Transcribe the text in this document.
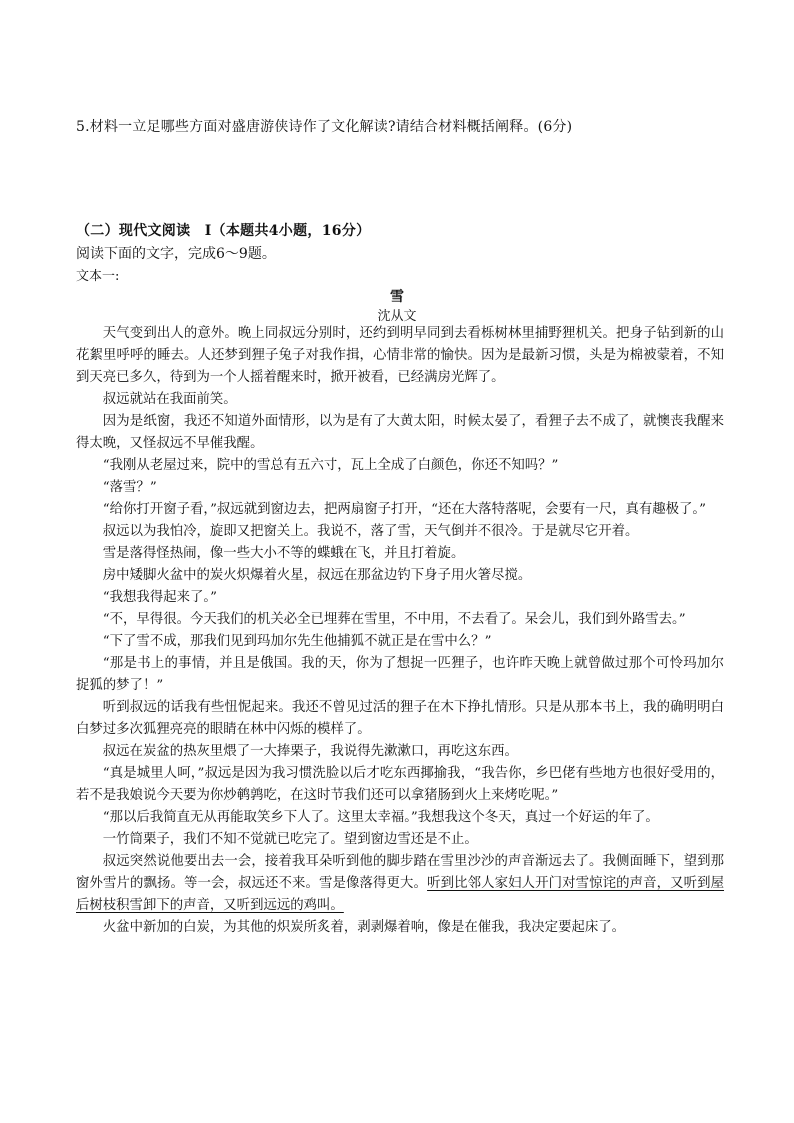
5.材料一立足哪些方面对盛唐游侠诗作了文化解读?请结合材料概括阐释。(6分)
（二）现代文阅读　Ⅰ（本题共4小题，16分）
阅读下面的文字，完成6～9题。
文本一:
雪
沈从文

天气变到出人的意外。晚上同叔远分别时，还约到明早同到去看栎树林里捕野狸机关。把身子钻到新的山花絮里呼呼的睡去。人还梦到狸子兔子对我作揖，心情非常的愉快。因为是最新习惯，头是为棉被蒙着，不知到天亮已多久，待到为一个人摇着醒来时，掀开被看，已经满房光辉了。

叔远就站在我面前笑。

因为是纸窗，我还不知道外面情形，以为是有了大黄太阳，时候太晏了，看狸子去不成了，就懊丧我醒来得太晚，又怪叔远不早催我醒。

“我刚从老屋过来，院中的雪总有五六寸，瓦上全成了白颜色，你还不知吗？”

“落雪？”

“给你打开窗子看，”叔远就到窗边去，把两扇窗子打开，“还在大落特落呢，会要有一尺，真有趣极了。”

叔远以为我怕冷，旋即又把窗关上。我说不，落了雪，天气倒并不很冷。于是就尽它开着。

雪是落得怪热闹，像一些大小不等的蝶蛾在飞，并且打着旋。

房中矮脚火盆中的炭火炽爆着火星，叔远在那盆边钓下身子用火箸尽搅。

“我想我得起来了。”

“不，早得很。今天我们的机关必全已埋葬在雪里，不中用，不去看了。呆会儿，我们到外路雪去。”

“下了雪不成，那我们见到玛加尔先生他捕狐不就正是在雪中么？”

“那是书上的事情，并且是俄国。我的天，你为了想捉一匹狸子，也许昨天晚上就曾做过那个可怜玛加尔捉狐的梦了！”

听到叔远的话我有些忸怩起来。我还不曾见过活的狸子在木下挣扎情形。只是从那本书上，我的确明明白白梦过多次狐狸亮亮的眼睛在林中闪烁的模样了。

叔远在炭盆的热灰里煨了一大捧栗子，我说得先漱漱口，再吃这东西。

“真是城里人呵，”叔远是因为我习惯洗脸以后才吃东西揶揄我，“我告你，乡巴佬有些地方也很好受用的，若不是我娘说今天要为你炒鹌鹑吃，在这时节我们还可以拿猪肠到火上来烤吃呢。”

“那以后我简直无从再能取笑乡下人了。这里太幸福。”我想我这个冬天，真过一个好运的年了。

一竹筒栗子，我们不知不觉就已吃完了。望到窗边雪还是不止。

叔远突然说他要出去一会，接着我耳朵听到他的脚步踏在雪里沙沙的声音渐远去了。我侧面睡下，望到那窗外雪片的飘扬。等一会，叔远还不来。雪是像落得更大。听到比邻人家妇人开门对雪惊诧的声音，又听到屋后树枝积雪卸下的声音，又听到远远的鸡叫。

火盆中新加的白炭，为其他的炽炭所炙着，剥剥爆着响，像是在催我，我决定要起床了。
